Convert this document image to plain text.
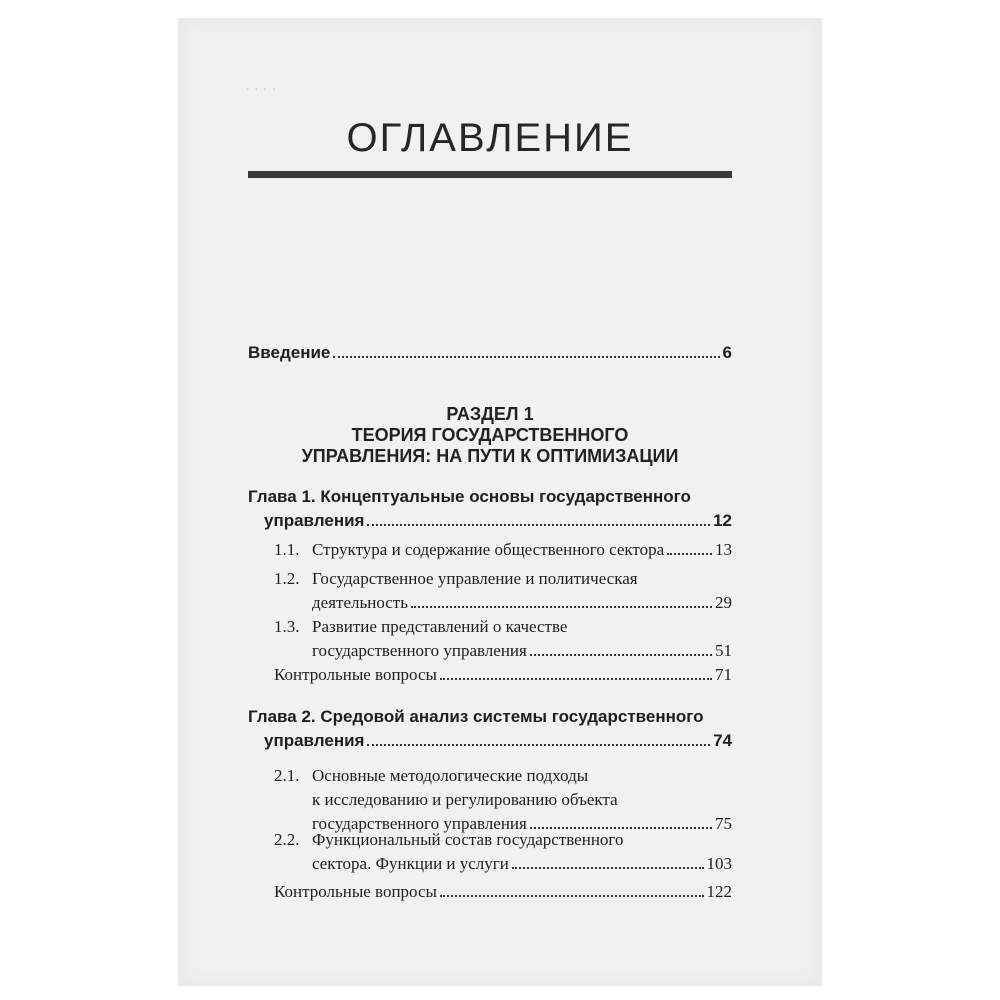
· · · ·
ОГЛАВЛЕНИЕ
Введение	6
РАЗДЕЛ 1
ТЕОРИЯ ГОСУДАРСТВЕННОГО
УПРАВЛЕНИЯ: НА ПУТИ К ОПТИМИЗАЦИИ
Глава 1. Концептуальные основы государственного
управления	12
1.1. Структура и содержание общественного сектора	13
1.2. Государственное управление и политическая
деятельность	29
1.3. Развитие представлений о качестве
государственного управления	51
Контрольные вопросы	71
Глава 2. Средовой анализ системы государственного
управления	74
2.1. Основные методологические подходы
к исследованию и регулированию объекта
государственного управления	75
2.2. Функциональный состав государственного
сектора. Функции и услуги	103
Контрольные вопросы	122
